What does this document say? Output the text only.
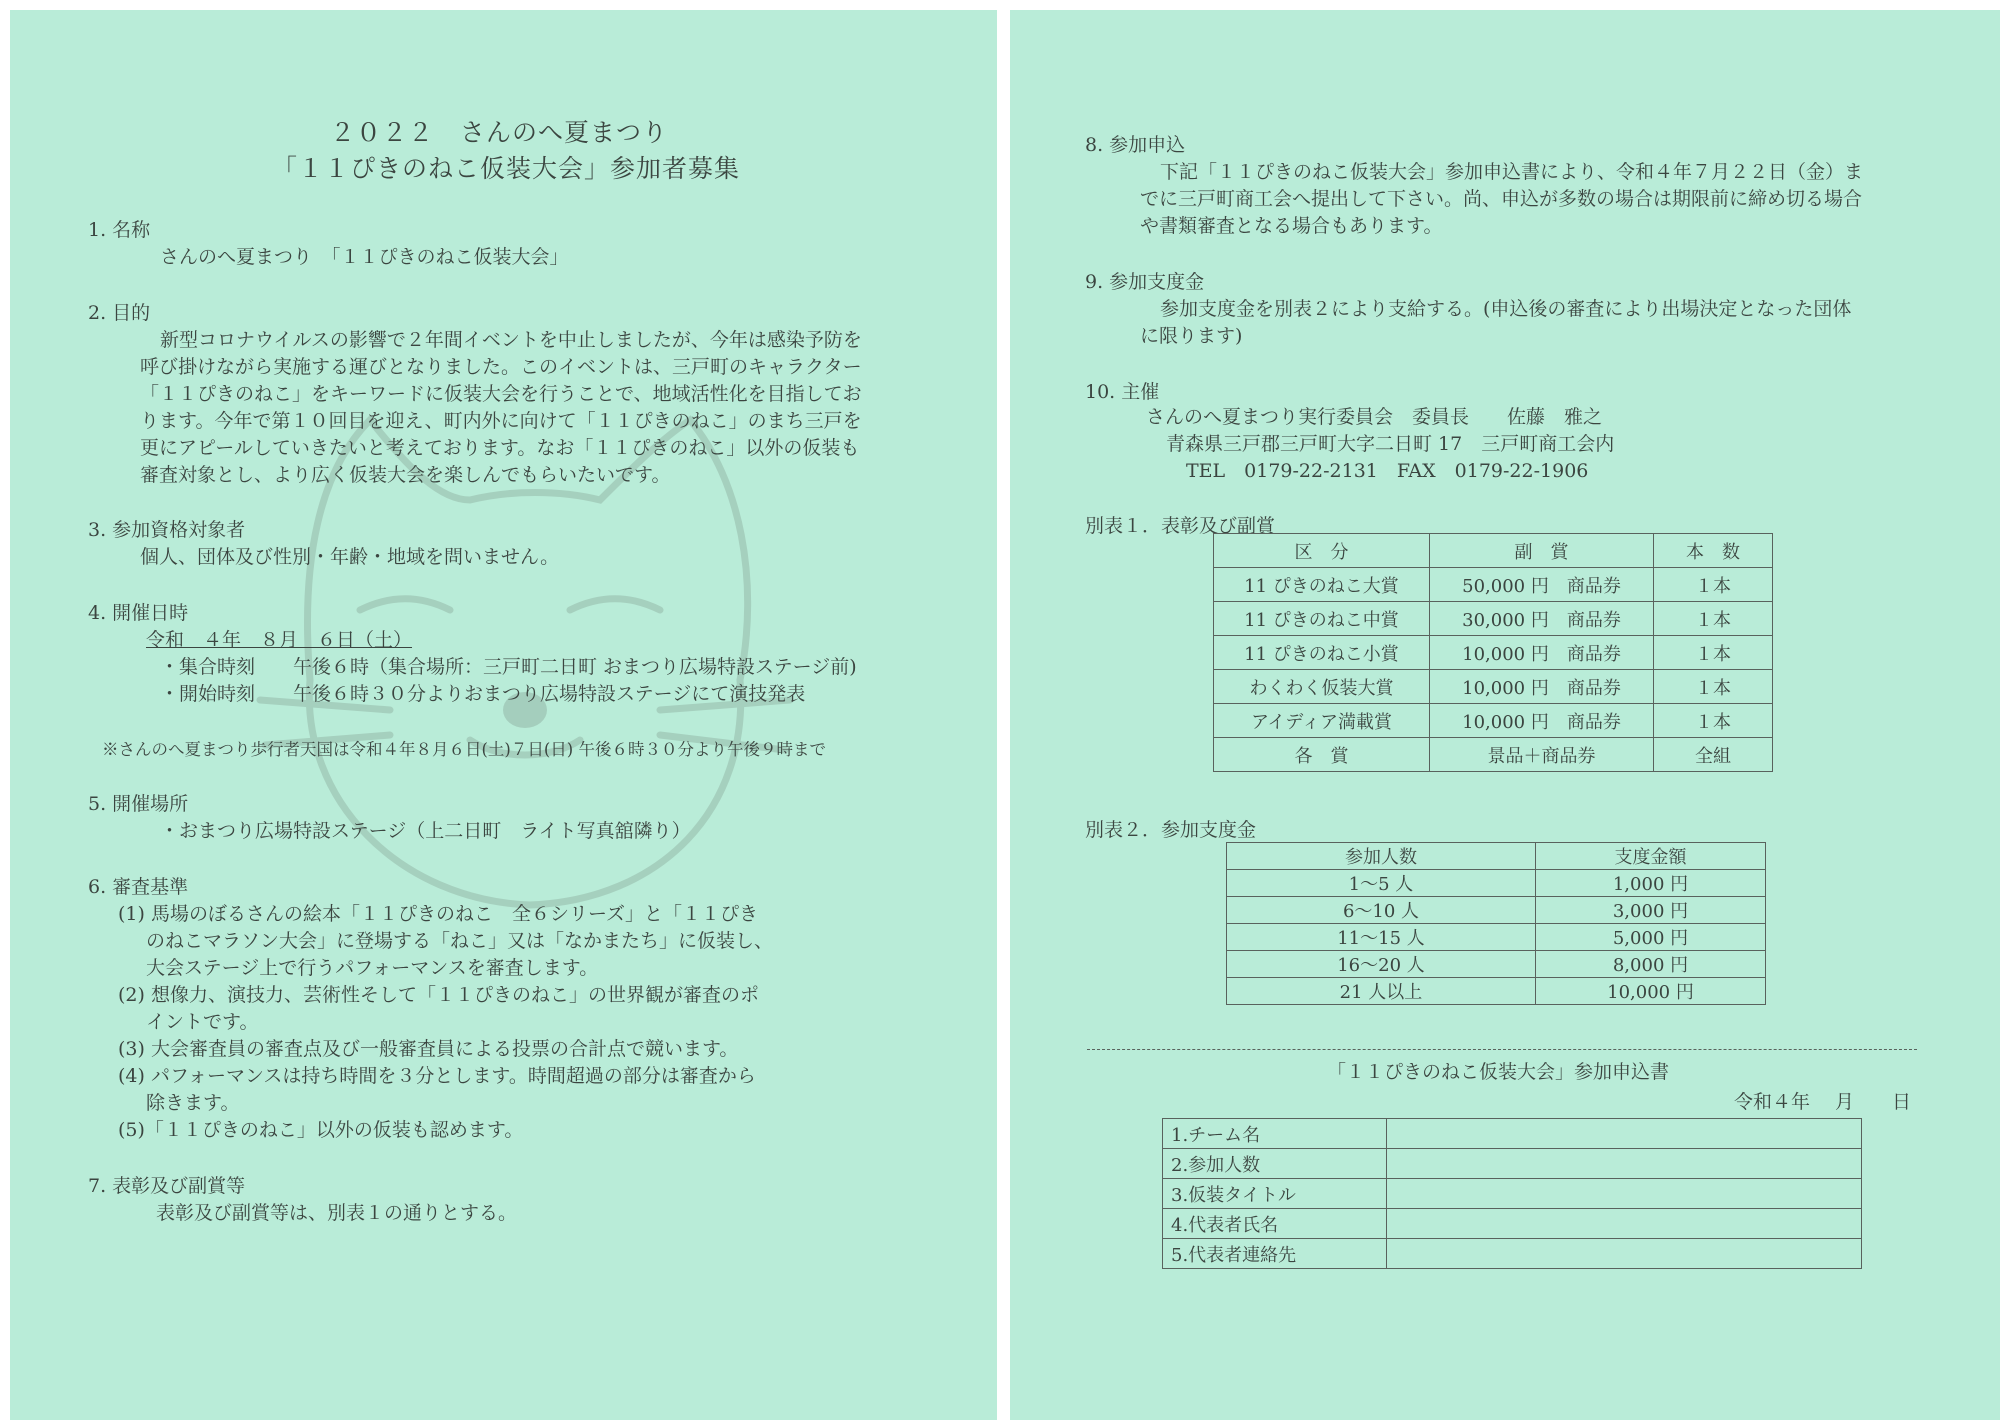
２０２２　さんのへ夏まつり
「１１ぴきのねこ仮装大会」参加者募集
1. 名称
さんのへ夏まつり　「１１ぴきのねこ仮装大会」
2. 目的
新型コロナウイルスの影響で２年間イベントを中止しましたが、今年は感染予防を
呼び掛けながら実施する運びとなりました。このイベントは、三戸町のキャラクター
「１１ぴきのねこ」をキーワードに仮装大会を行うことで、地域活性化を目指してお
ります。今年で第１０回目を迎え、町内外に向けて「１１ぴきのねこ」のまち三戸を
更にアピールしていきたいと考えております。なお「１１ぴきのねこ」以外の仮装も
審査対象とし、より広く仮装大会を楽しんでもらいたいです。
3. 参加資格対象者
個人、団体及び性別・年齢・地域を問いません。
4. 開催日時
令和　４年　８月　６日（土）
・集合時刻　　午後６時（集合場所：三戸町二日町 おまつり広場特設ステージ前)
・開始時刻　　午後６時３０分よりおまつり広場特設ステージにて演技発表
※さんのへ夏まつり歩行者天国は令和４年８月６日(土)７日(日) 午後６時３０分より午後９時まで
5. 開催場所
・おまつり広場特設ステージ（上二日町　ライト写真舘隣り）
6. 審査基準
(1) 馬場のぼるさんの絵本「１１ぴきのねこ　全６シリーズ」と「１１ぴき
のねこマラソン大会」に登場する「ねこ」又は「なかまたち」に仮装し、
大会ステージ上で行うパフォーマンスを審査します。
(2) 想像力、演技力、芸術性そして「１１ぴきのねこ」の世界観が審査のポ
イントです。
(3) 大会審査員の審査点及び一般審査員による投票の合計点で競います。
(4) パフォーマンスは持ち時間を３分とします。時間超過の部分は審査から
除きます。
(5)「１１ぴきのねこ」以外の仮装も認めます。
7. 表彰及び副賞等
表彰及び副賞等は、別表１の通りとする。
8. 参加申込
下記「１１ぴきのねこ仮装大会」参加申込書により、令和４年７月２２日（金）ま
でに三戸町商工会へ提出して下さい。尚、申込が多数の場合は期限前に締め切る場合
や書類審査となる場合もあります。
9. 参加支度金
参加支度金を別表２により支給する。(申込後の審査により出場決定となった団体
に限ります)
10. 主催
さんのへ夏まつり実行委員会　委員長　　佐藤　雅之
青森県三戸郡三戸町大字二日町 17　三戸町商工会内
TEL　0179-22-2131　FAX　0179-22-1906
別表１．表彰及び副賞
区　分	副　賞	本　数
11 ぴきのねこ大賞	50,000 円　商品券	１本
11 ぴきのねこ中賞	30,000 円　商品券	１本
11 ぴきのねこ小賞	10,000 円　商品券	１本
わくわく仮装大賞	10,000 円　商品券	１本
アイディア満載賞	10,000 円　商品券	１本
各　賞	景品＋商品券	全組
別表２．参加支度金
参加人数	支度金額
1～5 人	1,000 円
6～10 人	3,000 円
11～15 人	5,000 円
16～20 人	8,000 円
21 人以上	10,000 円
「１１ぴきのねこ仮装大会」参加申込書
令和４年　 月　　日
1.チーム名	
2.参加人数	
3.仮装タイトル	
4.代表者氏名	
5.代表者連絡先	
